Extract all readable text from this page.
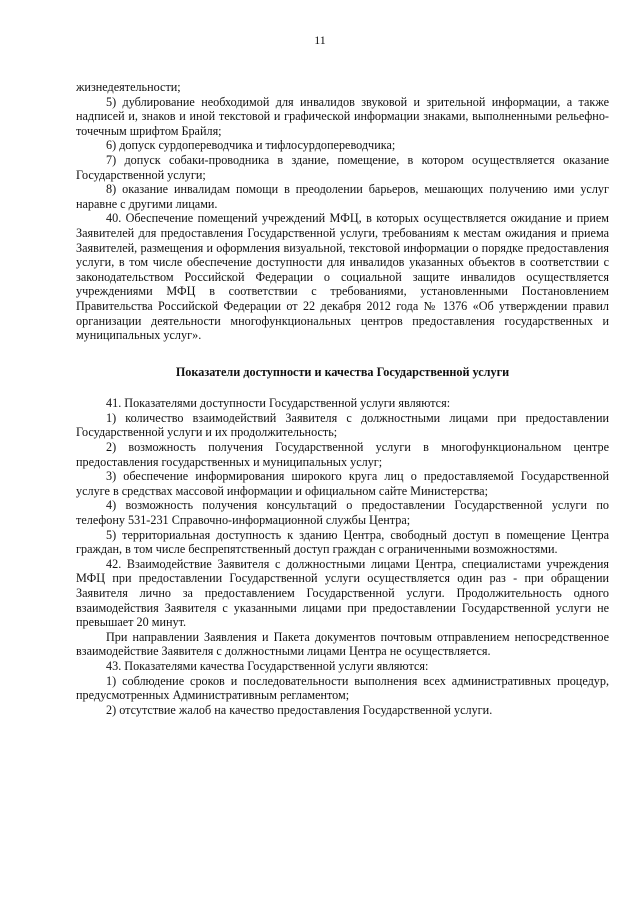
11

жизнедеятельности;

5) дублирование необходимой для инвалидов звуковой и зрительной информации, а также надписей и, знаков и иной текстовой и графической информации знаками, выполненными рельефно-точечным шрифтом Брайля;

6) допуск сурдопереводчика и тифлосурдопереводчика;

7) допуск собаки-проводника в здание, помещение, в котором осуществляется оказание Государственной услуги;

8) оказание инвалидам помощи в преодолении барьеров, мешающих получению ими услуг наравне с другими лицами.

40. Обеспечение помещений учреждений МФЦ, в которых осуществляется ожидание и прием Заявителей для предоставления Государственной услуги, требованиям к местам ожидания и приема Заявителей, размещения и оформления визуальной, текстовой информации о порядке предоставления услуги, в том числе обеспечение доступности для инвалидов указанных объектов в соответствии с законодательством Российской Федерации о социальной защите инвалидов осуществляется учреждениями МФЦ в соответствии с требованиями, установленными Постановлением Правительства Российской Федерации от 22 декабря 2012 года № 1376 «Об утверждении правил организации деятельности многофункциональных центров предоставления государственных и муниципальных услуг».

Показатели доступности и качества Государственной услуги

41. Показателями доступности Государственной услуги являются:

1) количество взаимодействий Заявителя с должностными лицами при предоставлении Государственной услуги и их продолжительность;

2) возможность получения Государственной услуги в многофункциональном центре предоставления государственных и муниципальных услуг;

3) обеспечение информирования широкого круга лиц о предоставляемой Государственной услуге в средствах массовой информации и официальном сайте Министерства;

4) возможность получения консультаций о предоставлении Государственной услуги по телефону 531-231 Справочно-информационной службы Центра;

5) территориальная доступность к зданию Центра, свободный доступ в помещение Центра граждан, в том числе беспрепятственный доступ граждан с ограниченными возможностями.

42. Взаимодействие Заявителя с должностными лицами Центра, специалистами учреждения МФЦ при предоставлении Государственной услуги осуществляется один раз - при обращении Заявителя лично за предоставлением Государственной услуги. Продолжительность одного взаимодействия Заявителя с указанными лицами при предоставлении Государственной услуги не превышает 20 минут.

При направлении Заявления и Пакета документов почтовым отправлением непосредственное взаимодействие Заявителя с должностными лицами Центра не осуществляется.

43. Показателями качества Государственной услуги являются:

1) соблюдение сроков и последовательности выполнения всех административных процедур, предусмотренных Административным регламентом;

2) отсутствие жалоб на качество предоставления Государственной услуги.
